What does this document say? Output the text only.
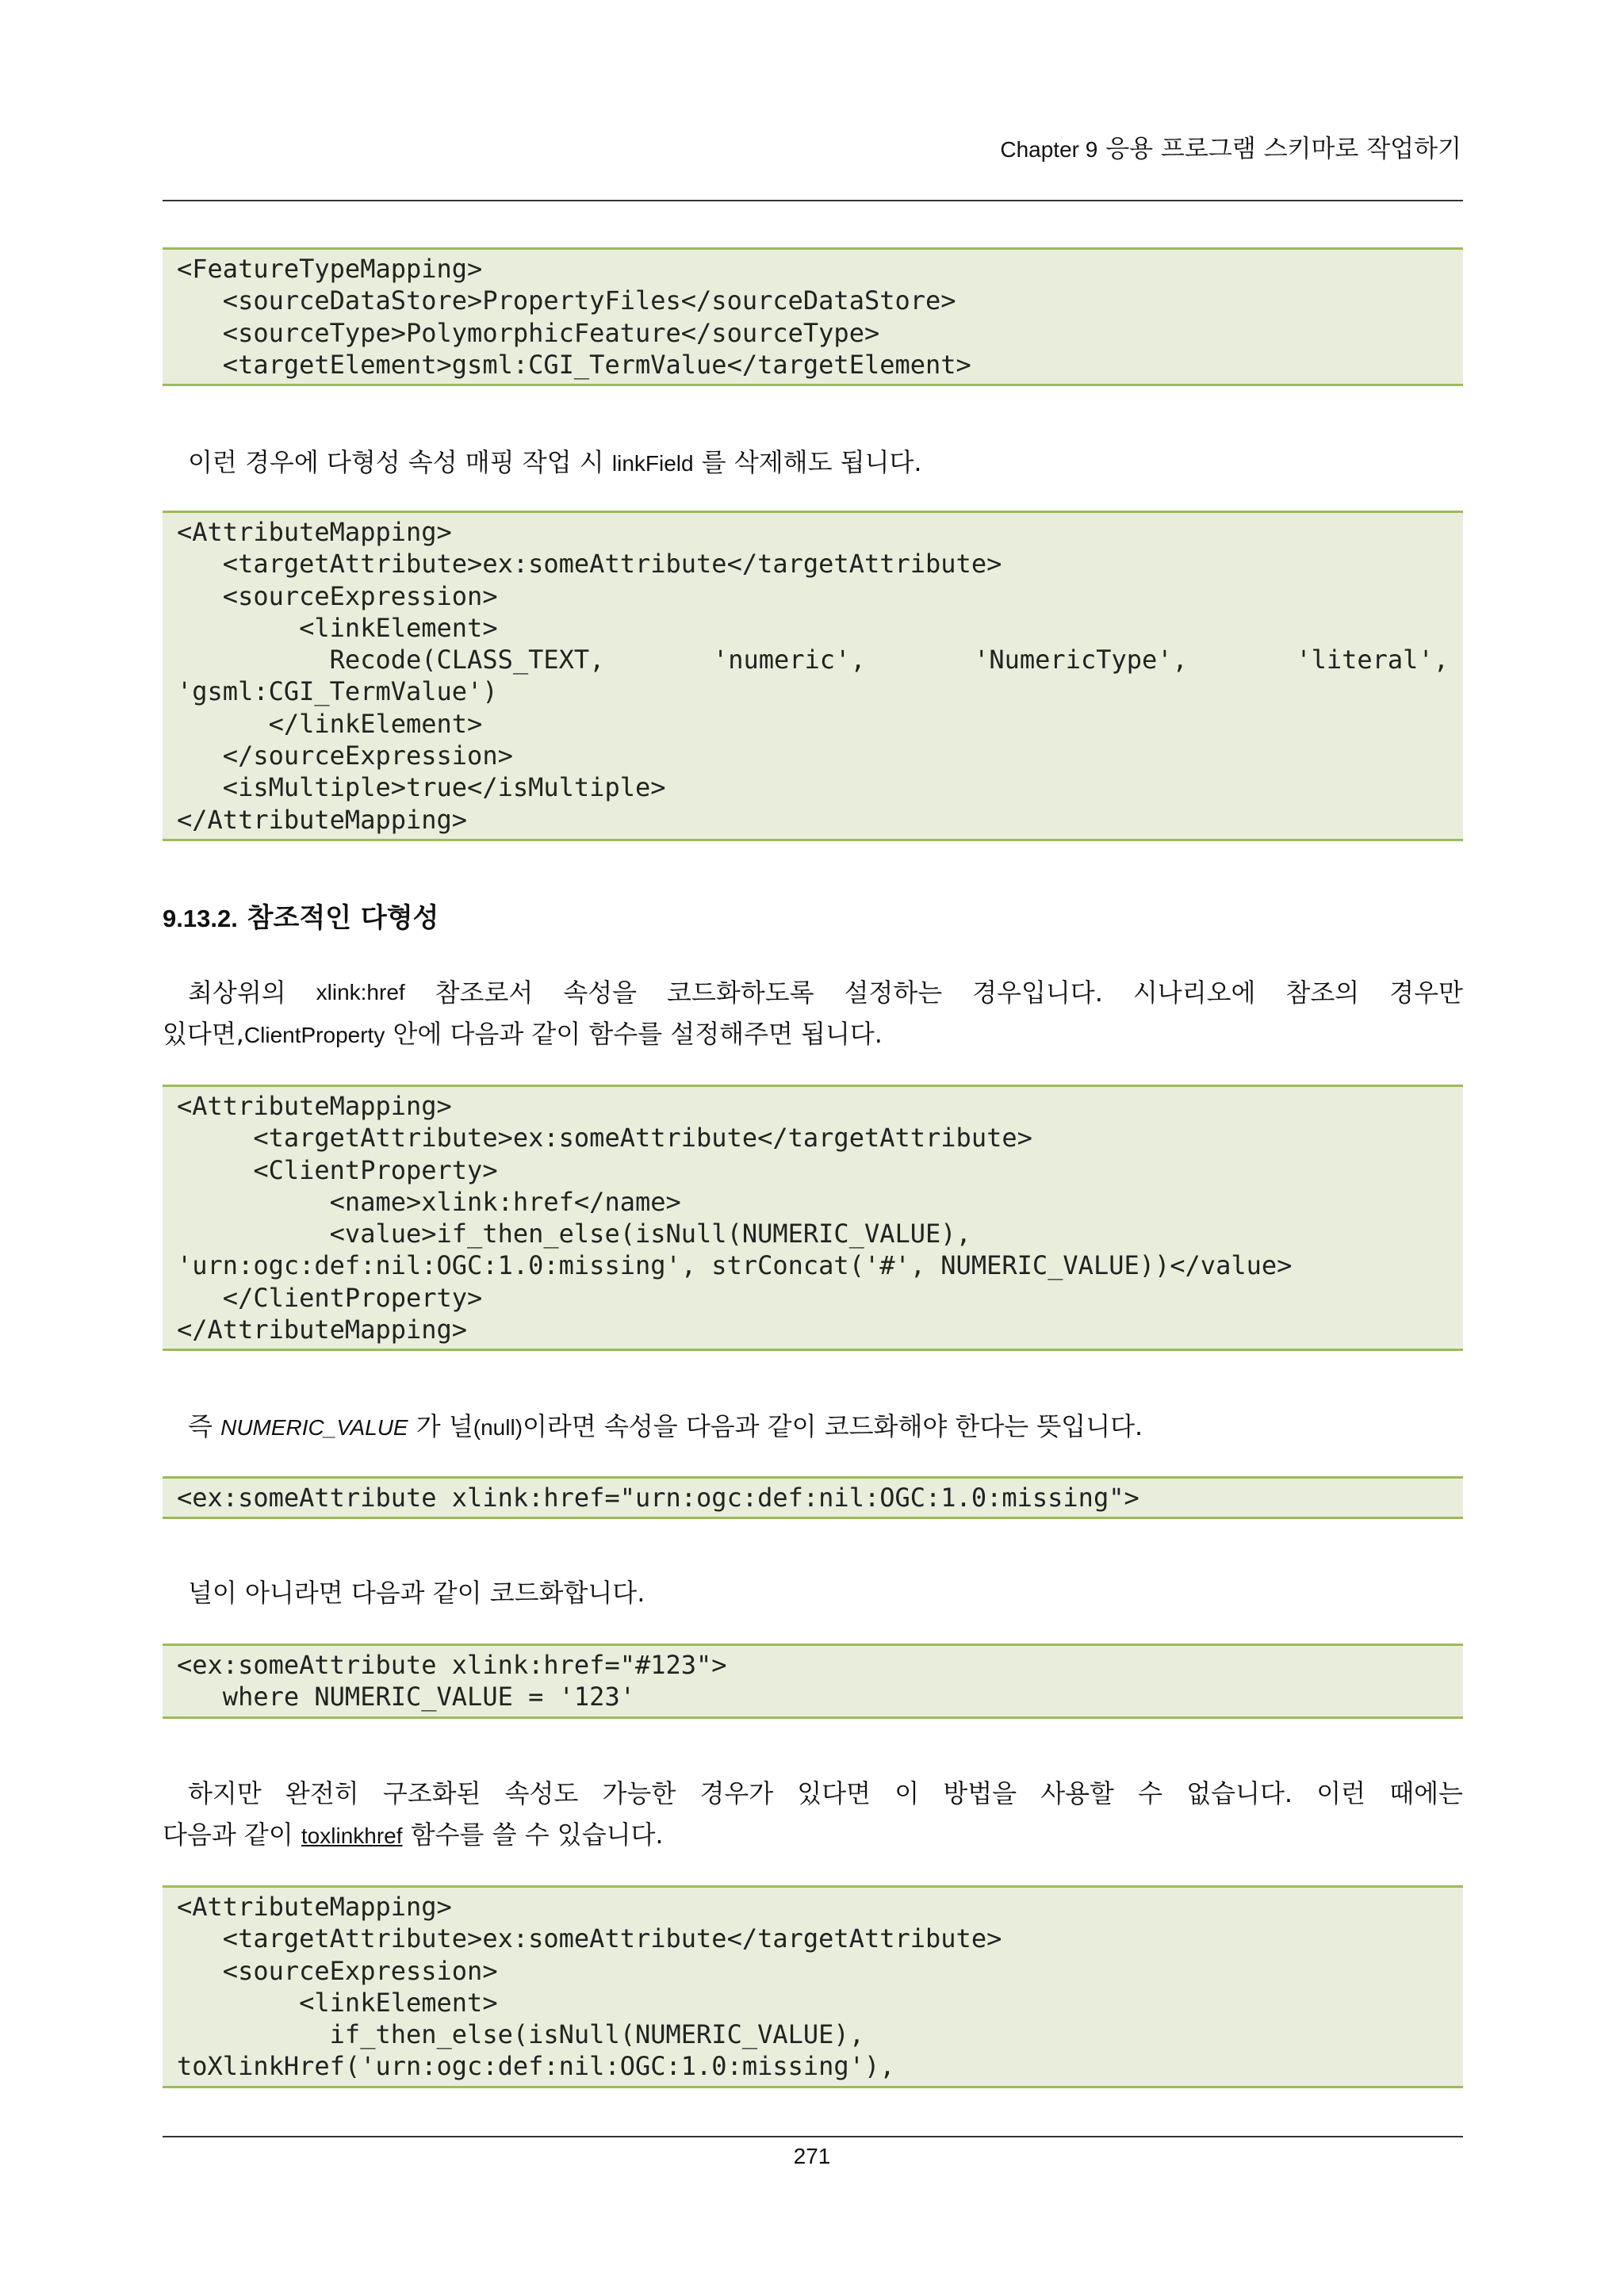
Chapter 9 응용 프로그램 스키마로 작업하기
<FeatureTypeMapping>
<sourceDataStore>PropertyFiles</sourceDataStore>
<sourceType>PolymorphicFeature</sourceType>
<targetElement>gsml:CGI_TermValue</targetElement>
이런 경우에 다형성 속성 매핑 작업 시 linkField 를 삭제해도 됩니다.
<AttributeMapping>
<targetAttribute>ex:someAttribute</targetAttribute>
<sourceExpression>
<linkElement>
Recode(CLASS_TEXT,	'numeric',	'NumericType',	'literal',
'gsml:CGI_TermValue')
</linkElement>
</sourceExpression>
<isMultiple>true</isMultiple>
</AttributeMapping>
9.13.2. 참조적인 다형성
최상위의 xlink:href 참조로서 속성을 코드화하도록 설정하는 경우입니다. 시나리오에 참조의 경우만
있다면,ClientProperty 안에 다음과 같이 함수를 설정해주면 됩니다.
<AttributeMapping>
<targetAttribute>ex:someAttribute</targetAttribute>
<ClientProperty>
<name>xlink:href</name>
<value>if_then_else(isNull(NUMERIC_VALUE),
'urn:ogc:def:nil:OGC:1.0:missing', strConcat('#', NUMERIC_VALUE))</value>
</ClientProperty>
</AttributeMapping>
즉 NUMERIC_VALUE 가 널(null)이라면 속성을 다음과 같이 코드화해야 한다는 뜻입니다.
<ex:someAttribute xlink:href="urn:ogc:def:nil:OGC:1.0:missing">
널이 아니라면 다음과 같이 코드화합니다.
<ex:someAttribute xlink:href="#123">
where NUMERIC_VALUE = '123'
하지만 완전히 구조화된 속성도 가능한 경우가 있다면 이 방법을 사용할 수 없습니다. 이런 때에는
다음과 같이 toxlinkhref 함수를 쓸 수 있습니다.
<AttributeMapping>
<targetAttribute>ex:someAttribute</targetAttribute>
<sourceExpression>
<linkElement>
if_then_else(isNull(NUMERIC_VALUE),
toXlinkHref('urn:ogc:def:nil:OGC:1.0:missing'),
271
